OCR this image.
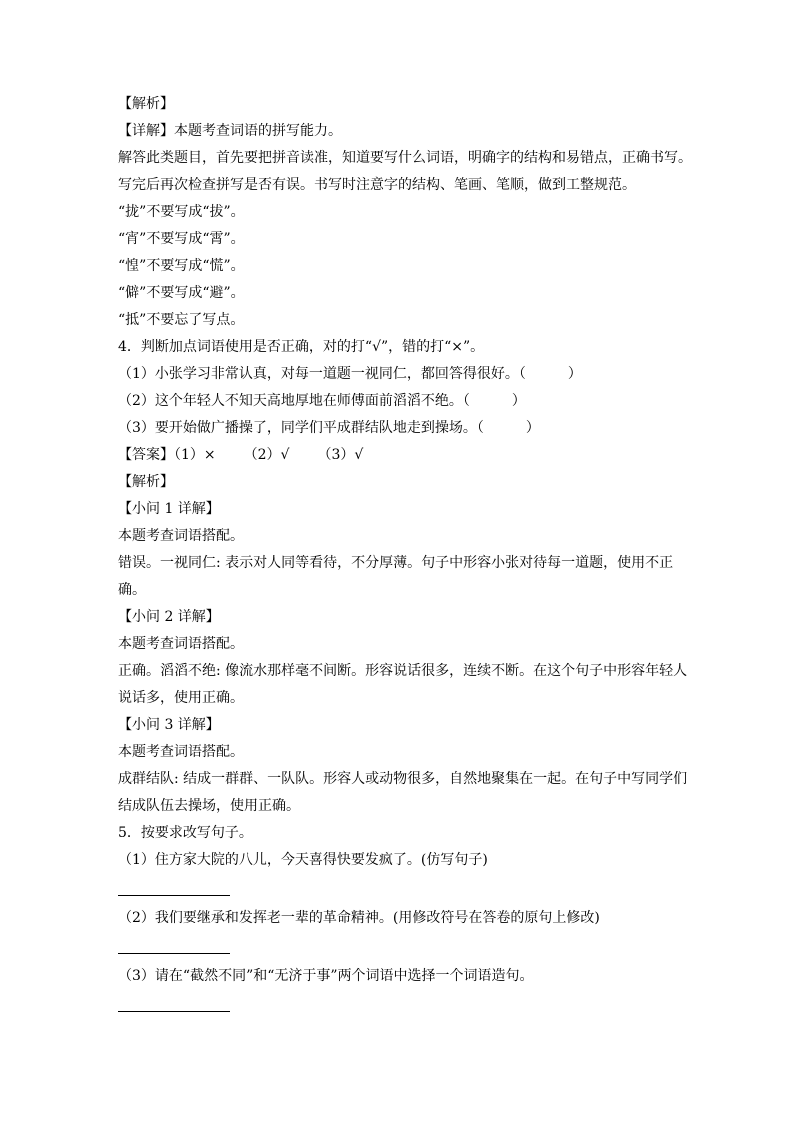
【解析】
【详解】本题考查词语的拼写能力。
解答此类题目，首先要把拼音读准，知道要写什么词语，明确字的结构和易错点，正确书写。
写完后再次检查拼写是否有误。书写时注意字的结构、笔画、笔顺，做到工整规范。
“拢”不要写成“拔”。
“宵”不要写成“霄”。
“惶”不要写成“慌”。
“僻”不要写成“避”。
“抵”不要忘了写点。
4．判断加点词语使用是否正确，对的打“√”，错的打“×”。
（1）小张学习非常认真，对每一道题一视同仁，都回答得很好。（　　　）
（2）这个年轻人不知天高地厚地在师傅面前滔滔不绝。（　　　）
（3）要开始做广播操了，同学们平成群结队地走到操场。（　　　）
【答案】（1）× （2）√ （3）√
【解析】
【小问 1 详解】
本题考查词语搭配。
错误。一视同仁: 表示对人同等看待，不分厚薄。句子中形容小张对待每一道题，使用不正确。
【小问 2 详解】
本题考查词语搭配。
正确。滔滔不绝: 像流水那样毫不间断。形容说话很多，连续不断。在这个句子中形容年轻人说话多，使用正确。
【小问 3 详解】
本题考查词语搭配。
成群结队: 结成一群群、一队队。形容人或动物很多，自然地聚集在一起。在句子中写同学们结成队伍去操场，使用正确。
5．按要求改写句子。
（1）住方家大院的八儿，今天喜得快要发疯了。(仿写句子)
（2）我们要继承和发挥老一辈的革命精神。(用修改符号在答卷的原句上修改)
（3）请在“截然不同”和“无济于事”两个词语中选择一个词语造句。
